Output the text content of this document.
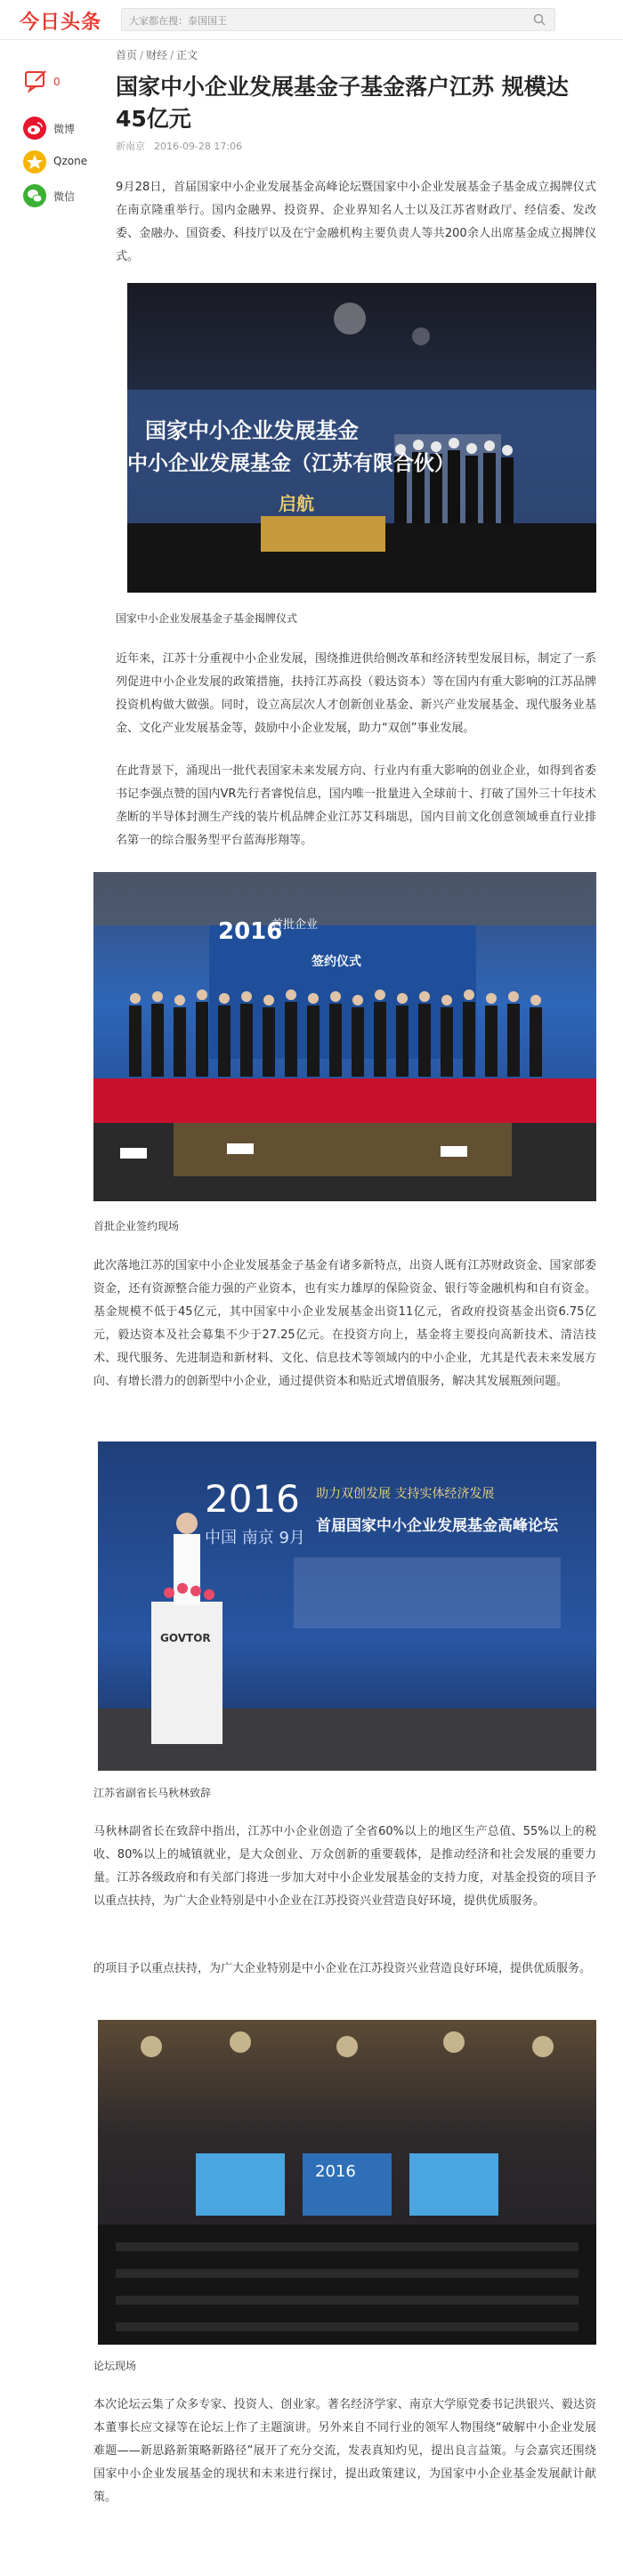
今日头条	大家都在搜：泰国国王
0
微博
Qzone
微信
首页 / 财经 / 正文
国家中小企业发展基金子基金落户江苏 规模达45亿元
新南京 2016-09-28 17:06

9月28日，首届国家中小企业发展基金高峰论坛暨国家中小企业发展基金子基金成立揭牌仪式在南京隆重举行。国内金融界、投资界、企业界知名人士以及江苏省财政厅、经信委、发改委、金融办、国资委、科技厅以及在宁金融机构主要负责人等共200余人出席基金成立揭牌仪式。

国家中小企业发展基金
中小企业发展基金（江苏有限合伙）
启航
国家中小企业发展基金子基金揭牌仪式

近年来，江苏十分重视中小企业发展，围绕推进供给侧改革和经济转型发展目标，制定了一系列促进中小企业发展的政策措施，扶持江苏高投（毅达资本）等在国内有重大影响的江苏品牌投资机构做大做强。同时，设立高层次人才创新创业基金、新兴产业发展基金、现代服务业基金、文化产业发展基金等，鼓励中小企业发展，助力“双创”事业发展。

在此背景下，涌现出一批代表国家未来发展方向、行业内有重大影响的创业企业，如得到省委书记李强点赞的国内VR先行者睿悦信息，国内唯一批量进入全球前十、打破了国外三十年技术垄断的半导体封测生产线的装片机品牌企业江苏艾科瑞思，国内目前文化创意领域垂直行业排名第一的综合服务型平台蓝海彤翔等。

2016
首批企业
签约仪式
首批企业签约现场

此次落地江苏的国家中小企业发展基金子基金有诸多新特点，出资人既有江苏财政资金、国家部委资金，还有资源整合能力强的产业资本，也有实力雄厚的保险资金、银行等金融机构和自有资金。基金规模不低于45亿元，其中国家中小企业发展基金出资11亿元，省政府投资基金出资6.75亿元，毅达资本及社会募集不少于27.25亿元。在投资方向上，基金将主要投向高新技术、清洁技术、现代服务、先进制造和新材料、文化、信息技术等领域内的中小企业，尤其是代表未来发展方向、有增长潜力的创新型中小企业，通过提供资本和贴近式增值服务，解决其发展瓶颈问题。

2016
中国 南京 9月
助力双创发展 支持实体经济发展
首届国家中小企业发展基金高峰论坛
GOVTOR
江苏省副省长马秋林致辞

马秋林副省长在致辞中指出，江苏中小企业创造了全省60%以上的地区生产总值、55%以上的税收、80%以上的城镇就业，是大众创业、万众创新的重要载体，是推动经济和社会发展的重要力量。江苏各级政府和有关部门将进一步加大对中小企业发展基金的支持力度，对基金投资的项目予以重点扶持，为广大企业特别是中小企业在江苏投资兴业营造良好环境，提供优质服务。

的项目予以重点扶持，为广大企业特别是中小企业在江苏投资兴业营造良好环境，提供优质服务。

2016
论坛现场

本次论坛云集了众多专家、投资人、创业家。著名经济学家、南京大学原党委书记洪银兴、毅达资本董事长应文禄等在论坛上作了主题演讲。另外来自不同行业的领军人物围绕“破解中小企业发展难题——新思路新策略新路径”展开了充分交流，发表真知灼见，提出良言益策。与会嘉宾还围绕国家中小企业发展基金的现状和未来进行探讨，提出政策建议，为国家中小企业基金发展献计献策。
